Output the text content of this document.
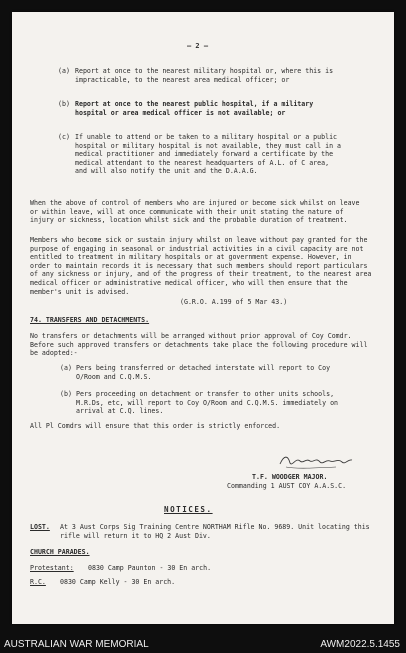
— 2 —
(a) Report at once to the nearest military hospital or, where this is impracticable, to the nearest area medical officer; or
(b) Report at once to the nearest public hospital, if a military hospital or area medical officer is not available; or
(c) If unable to attend or be taken to a military hospital or a public hospital or military hospital is not available, they must call in a medical practitioner and immediately forward a certificate by the medical attendant to the nearest headquarters of A.L. of C area, and will also notify the unit and the D.A.A.G.
When the above of control of members who are injured or become sick whilst on leave or within leave, will at once communicate with their unit stating the nature of injury or sickness, location whilst sick and the probable duration of treatment.
Members who become sick or sustain injury whilst on leave without pay granted for the purpose of engaging in seasonal or industrial activities in a civil capacity are not entitled to treatment in military hospitals or at government expense. However, in order to maintain records it is necessary that such members should report particulars of any sickness or injury, and of the progress of their treatment, to the nearest area medical officer or administrative medical officer, who will then ensure that the member's unit is advised.
(G.R.O. A.199 of 5 Mar 43.)
74. TRANSFERS AND DETACHMENTS.
No transfers or detachments will be arranged without prior approval of Coy Comdr. Before such approved transfers or detachments take place the following procedure will be adopted:-
(a) Pers being transferred or detached interstate will report to Coy O/Room and C.Q.M.S.
(b) Pers proceeding on detachment or transfer to other units schools, M.R.Ds, etc, will report to Coy O/Room and C.Q.M.S. immediately on arrival at C.Q. lines.
All Pl Comdrs will ensure that this order is strictly enforced.
T.F. WOODGER MAJOR.
Commanding 1 AUST COY A.A.S.C.
NOTICES.
LOST. At 3 Aust Corps Sig Training Centre NORTHAM Rifle No. 9689. Unit locating this rifle will return it to HQ 2 Aust Div.
CHURCH PARADES.
Protestant: 0830 Camp Paunton - 30 En arch.
R.C. 0830 Camp Kelly - 30 En arch.
AUSTRALIAN WAR MEMORIAL	AWM2022.5.1455
